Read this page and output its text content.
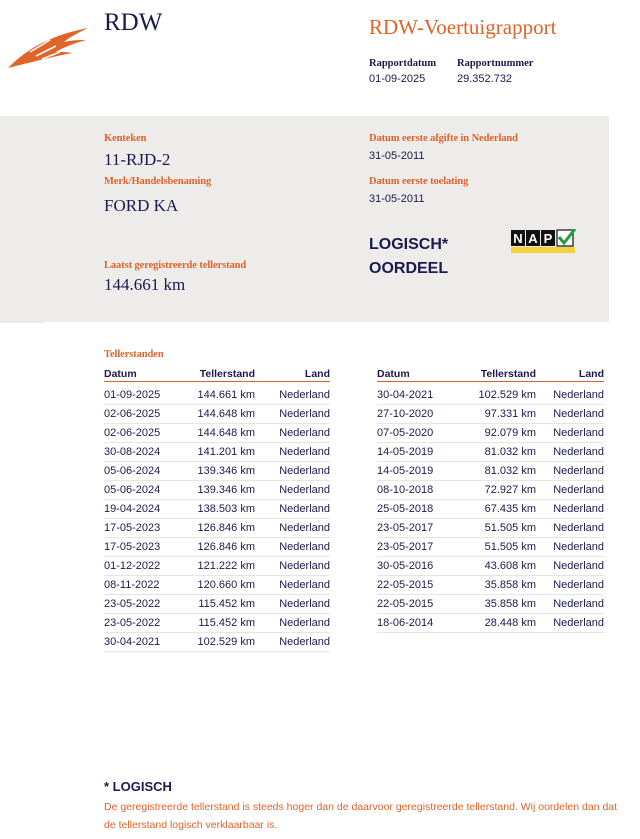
RDW	RDW-Voertuigrapport
Rapportdatum
01-09-2025
Rapportnummer
29.352.732
Kenteken
11-RJD-2
Merk/Handelsbenaming
FORD KA
Laatst geregistreerde tellerstand
144.661 km
Datum eerste afgifte in Nederland
31-05-2011
Datum eerste toelating
31-05-2011
LOGISCH*
OORDEEL
N A P
Tellerstanden
Datum	Tellerstand	Land
01-09-2025	144.661 km	Nederland
02-06-2025	144.648 km	Nederland
02-06-2025	144.648 km	Nederland
30-08-2024	141.201 km	Nederland
05-06-2024	139.346 km	Nederland
05-06-2024	139.346 km	Nederland
19-04-2024	138.503 km	Nederland
17-05-2023	126.846 km	Nederland
17-05-2023	126.846 km	Nederland
01-12-2022	121.222 km	Nederland
08-11-2022	120.660 km	Nederland
23-05-2022	115.452 km	Nederland
23-05-2022	115.452 km	Nederland
30-04-2021	102.529 km	Nederland
Datum	Tellerstand	Land
30-04-2021	102.529 km	Nederland
27-10-2020	97.331 km	Nederland
07-05-2020	92.079 km	Nederland
14-05-2019	81.032 km	Nederland
14-05-2019	81.032 km	Nederland
08-10-2018	72.927 km	Nederland
25-05-2018	67.435 km	Nederland
23-05-2017	51.505 km	Nederland
23-05-2017	51.505 km	Nederland
30-05-2016	43.608 km	Nederland
22-05-2015	35.858 km	Nederland
22-05-2015	35.858 km	Nederland
18-06-2014	28.448 km	Nederland
* LOGISCH
De geregistreerde tellerstand is steeds hoger dan de daarvoor geregistreerde tellerstand. Wij oordelen dan dat de tellerstand logisch verklaarbaar is.
